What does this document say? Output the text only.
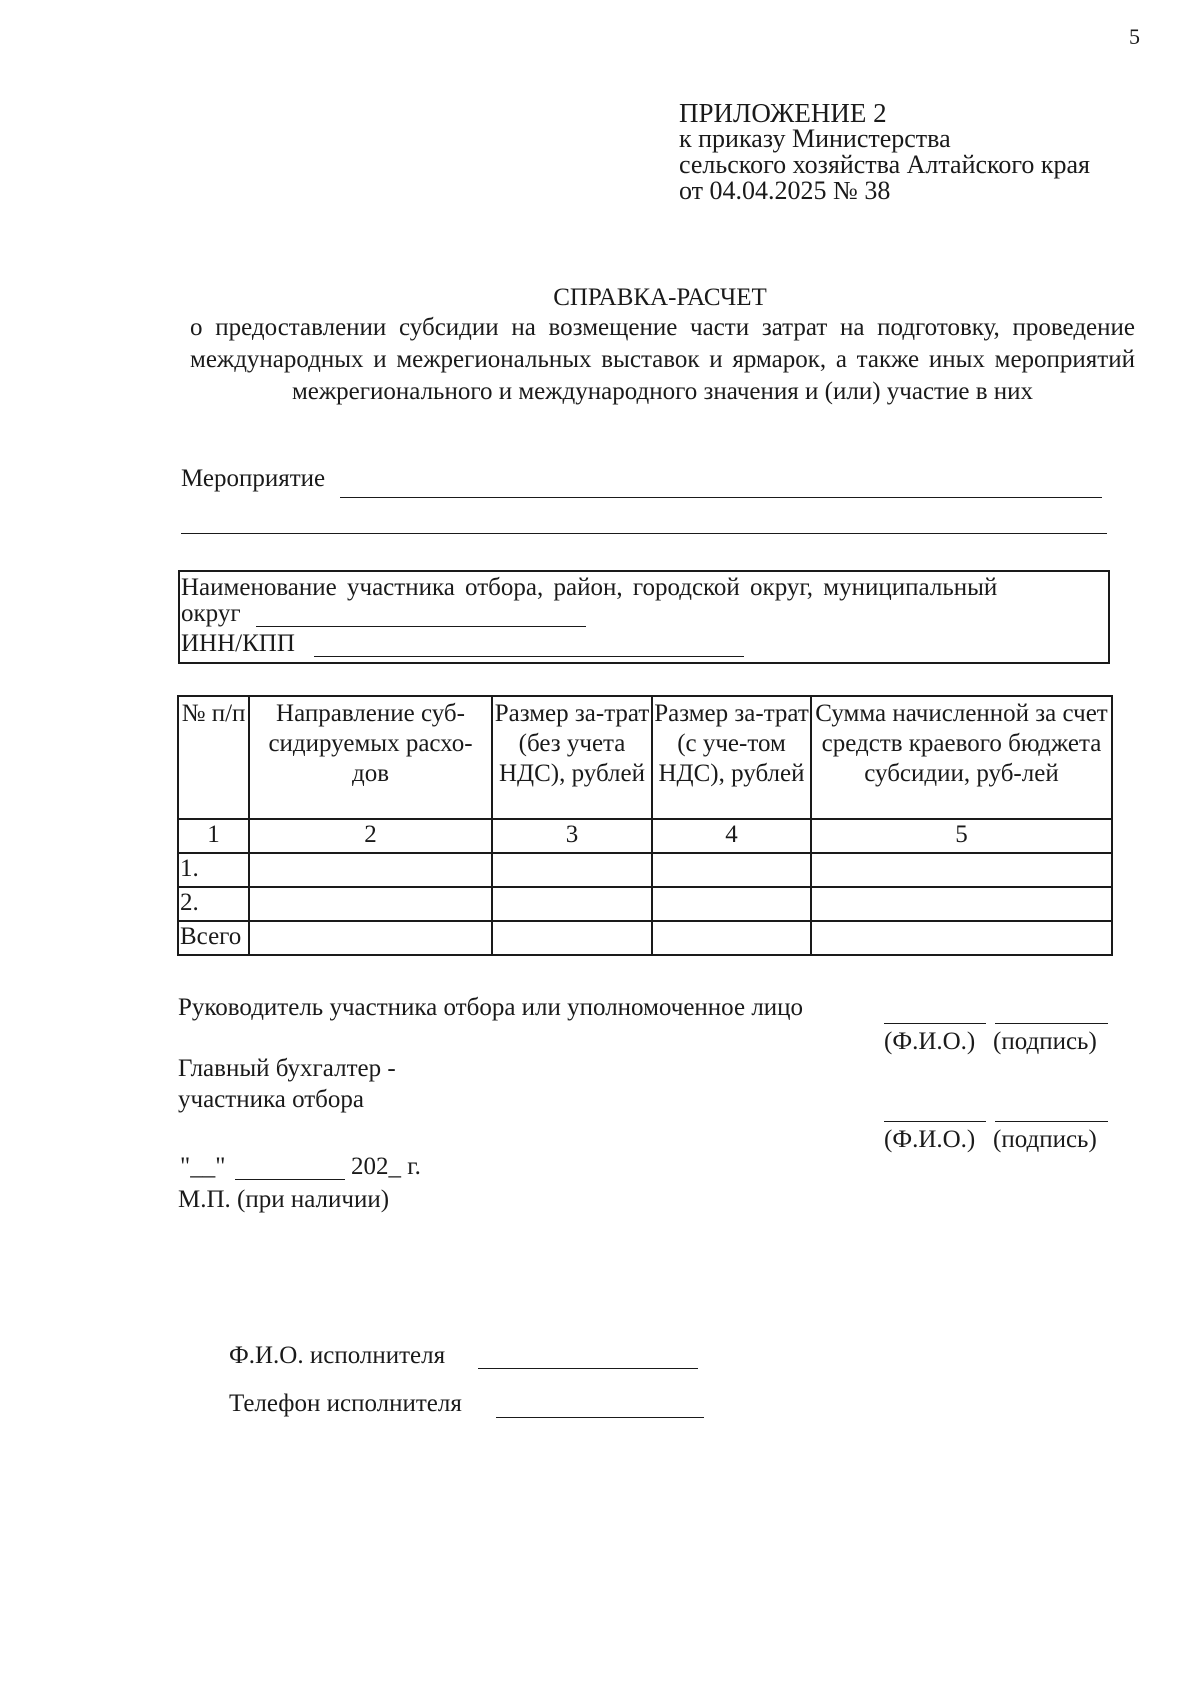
5
ПРИЛОЖЕНИЕ 2
к приказу Министерства
сельского хозяйства Алтайского края
от 04.04.2025 № 38
СПРАВКА-РАСЧЕТ
о предоставлении субсидии на возмещение части затрат на подготовку, проведение международных и межрегиональных выставок и ярмарок, а также иных мероприятий межрегионального и международного значения и (или) участие в них
Мероприятие
Наименование участника отбора, район, городской округ, муниципальный
округ
ИНН/КПП
№ п/п	Направление суб-сидируемых расхо-дов	Размер за-трат (без учета НДС), рублей	Размер за-трат (с уче-том НДС), рублей	Сумма начисленной за счет средств краевого бюджета субсидии, руб-лей
1	2	3	4	5
1.				
2.				
Всего				
Руководитель участника отбора или уполномоченное лицо
(Ф.И.О.) (подпись)
Главный бухгалтер -
участника отбора
(Ф.И.О.) (подпись)
"__"	202_ г.
М.П. (при наличии)
Ф.И.О. исполнителя
Телефон исполнителя
